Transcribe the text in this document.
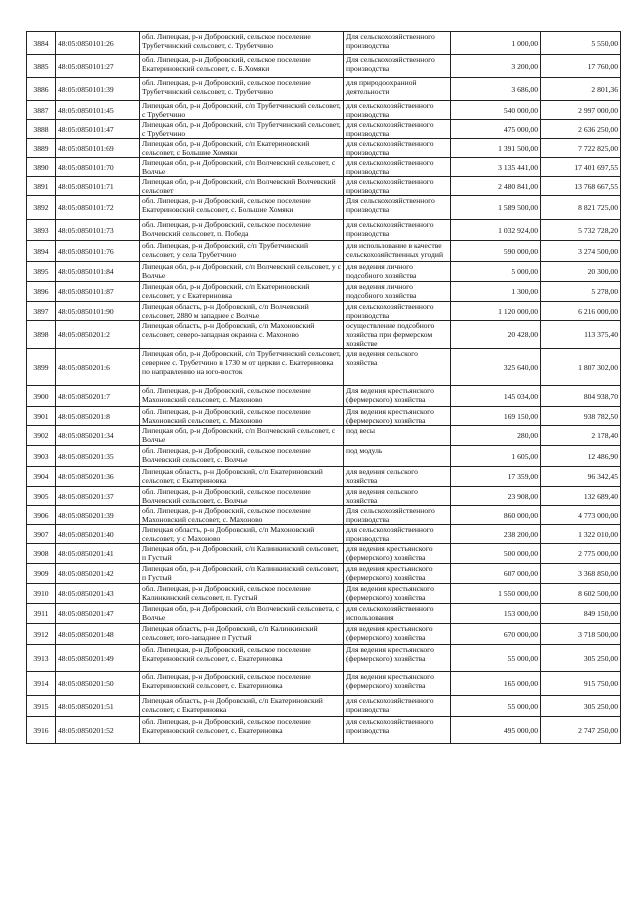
3884	48:05:0850101:26	обл. Липецкая, р-н Добровский, сельское поселение Трубетчинский сельсовет, с. Трубетчино	Для сельскохозяйственного производства	1 000,00	5 550,00
3885	48:05:0850101:27	обл. Липецкая, р-н Добровский, сельское поселение Екатериновский сельсовет, с. Б.Хомяки	Для сельскохозяйственного производства	3 200,00	17 760,00
3886	48:05:0850101:39	обл. Липецкая, р-н Добровский, сельское поселение Трубетчинский сельсовет, с. Трубетчино	для природоохранной деятельности	3 686,00	2 801,36
3887	48:05:0850101:45	Липецкая обл, р-н Добровский, с/п Трубетчинский сельсовет, с Трубетчино	для сельскохозяйственного производства	540 000,00	2 997 000,00
3888	48:05:0850101:47	Липецкая обл, р-н Добровский, с/п Трубетчинский сельсовет, с Трубетчино	для сельскохозяйственного производства	475 000,00	2 636 250,00
3889	48:05:0850101:69	Липецкая обл, р-н Добровский, с/п Екатериновский сельсовет, с Большие Хомяки	для сельскохозяйственного производства	1 391 500,00	7 722 825,00
3890	48:05:0850101:70	Липецкая обл, р-н Добровский, с/п Волчевский сельсовет, с Волчье	для сельскохозяйственного производства	3 135 441,00	17 401 697,55
3891	48:05:0850101:71	Липецкая обл, р-н Добровский, с/п Волчевский Волчевский сельсовет	для сельскохозяйственного производства	2 480 841,00	13 768 667,55
3892	48:05:0850101:72	обл. Липецкая, р-н Добровский, сельское поселение Екатериновский сельсовет, с. Большие Хомяки	Для сельскохозяйственного производства	1 589 500,00	8 821 725,00
3893	48:05:0850101:73	обл. Липецкая, р-н Добровский, сельское поселение Волчевский сельсовет, п. Победа	для сельскохозяйственного производства	1 032 924,00	5 732 728,20
3894	48:05:0850101:76	обл. Липецкая, р-н Добровский, с/п Трубетчинский сельсовет, у села Трубетчино	для использование в качестве сельскохозяйственных угодий	590 000,00	3 274 500,00
3895	48:05:0850101:84	Липецкая обл, р-н Добровский, с/п Волчевский сельсовет, у с Волчье	для ведения личного подсобного хозяйства	5 000,00	20 300,00
3896	48:05:0850101:87	Липецкая обл, р-н Добровский, с/п Екатериновский сельсовет, у с Екатериновка	для ведения личного подсобного хозяйства	1 300,00	5 278,00
3897	48:05:0850101:90	Липецкая область, р-н Добровский, с/п Волчевский сельсовет, 2880 м западнее с Волчье	для сельскохозяйственного производства	1 120 000,00	6 216 000,00
3898	48:05:0850201:2	Липецкая область, р-н Добровский, с/п Махоновский сельсовет, северо-западная окраина с. Махоново	осуществление подсобного хозяйства при фермерском хозяйстве	20 428,00	113 375,40
3899	48:05:0850201:6	Липецкая обл, р-н Добровский, с/п Трубетчинский сельсовет, севернее с. Трубетчино в 1730 м от церкви с. Екатериновка по направлению на юго-восток	для ведения сельского хозяйства	325 640,00	1 807 302,00
3900	48:05:0850201:7	обл. Липецкая, р-н Добровский, сельское поселение Махоновский сельсовет, с. Махоново	Для ведения крестьянского (фермерского) хозяйства	145 034,00	804 938,70
3901	48:05:0850201:8	обл. Липецкая, р-н Добровский, сельское поселение Махоновский сельсовет, с. Махоново	Для ведения крестьянского (фермерского) хозяйства	169 150,00	938 782,50
3902	48:05:0850201:34	Липецкая обл, р-н Добровский, с/п Волчевский сельсовет, с Волчье	под весы	280,00	2 178,40
3903	48:05:0850201:35	обл. Липецкая, р-н Добровский, сельское поселение Волчевский сельсовет, с. Волчье	под модуль	1 605,00	12 486,90
3904	48:05:0850201:36	Липецкая область, р-н Добровский, с/п Екатериновский сельсовет, с Екатериновка	для ведения сельского хозяйства	17 359,00	96 342,45
3905	48:05:0850201:37	обл. Липецкая, р-н Добровский, сельское поселение Волчевский сельсовет, с. Волчье	для ведения сельского хозяйства	23 908,00	132 689,40
3906	48:05:0850201:39	обл. Липецкая, р-н Добровский, сельское поселение Махоновский сельсовет, с. Махоново	Для сельскохозяйственного производства	860 000,00	4 773 000,00
3907	48:05:0850201:40	Липецкая область, р-н Добровский, с/п Махоновский сельсовет, у с Махоново	для сельскохозяйственного производства	238 200,00	1 322 010,00
3908	48:05:0850201:41	Липецкая обл, р-н Добровский, с/п Калинкинский сельсовет, п Густый	для ведения крестьянского (фермерского) хозяйства	500 000,00	2 775 000,00
3909	48:05:0850201:42	Липецкая обл, р-н Добровский, с/п Калинкинский сельсовет, п Густый	для ведения крестьянского (фермерского) хозяйства	607 000,00	3 368 850,00
3910	48:05:0850201:43	обл. Липецкая, р-н Добровский, сельское поселение Калинкинский сельсовет, п. Густый	Для ведения крестьянского (фермерского) хозяйства	1 550 000,00	8 602 500,00
3911	48:05:0850201:47	Липецкая обл, р-н Добровский, с/п Волчевский сельсовета, с Волчье	для сельскохозяйственного использования	153 000,00	849 150,00
3912	48:05:0850201:48	Липецкая область, р-н Добровский, с/п Калинкинский сельсовет, юго-западнее п Густый	для ведения крестьянского (фермерского) хозяйства	670 000,00	3 718 500,00
3913	48:05:0850201:49	обл. Липецкая, р-н Добровский, сельское поселение Екатериновский сельсовет, с. Екатериновка	Для ведения крестьянского (фермерского) хозяйства	55 000,00	305 250,00
3914	48:05:0850201:50	обл. Липецкая, р-н Добровский, сельское поселение Екатериновский сельсовет, с. Екатериновка	Для ведения крестьянского (фермерского) хозяйства	165 000,00	915 750,00
3915	48:05:0850201:51	Липецкая область, р-н Добровский, с/п Екатериновский сельсовет, с Екатериновка	для сельскохозяйственного производства	55 000,00	305 250,00
3916	48:05:0850201:52	обл. Липецкая, р-н Добровский, сельское поселение Екатериновский сельсовет, с. Екатериновка	для сельскохозяйственного производства	495 000,00	2 747 250,00
